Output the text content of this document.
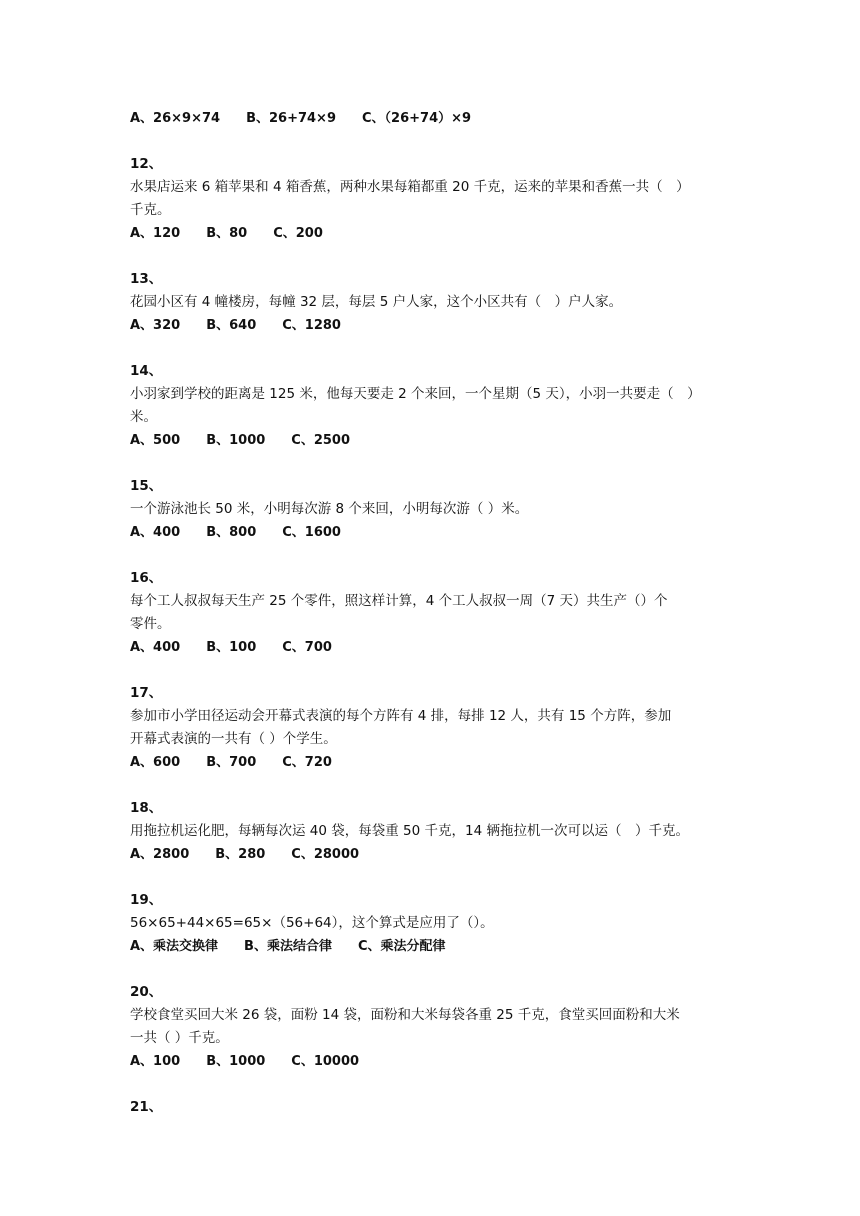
A、26×9×74　　B、26+74×9　　C、（26+74）×9
12、
水果店运来 6 箱苹果和 4 箱香蕉，两种水果每箱都重 20 千克，运来的苹果和香蕉一共（　）
千克。
A、120　　B、80　　C、200
13、
花园小区有 4 幢楼房，每幢 32 层，每层 5 户人家，这个小区共有（　）户人家。
A、320　　B、640　　C、1280
14、
小羽家到学校的距离是 125 米，他每天要走 2 个来回，一个星期（5 天），小羽一共要走（　）
米。
A、500　　B、1000　　C、2500
15、
一个游泳池长 50 米，小明每次游 8 个来回，小明每次游（ ）米。
A、400　　B、800　　C、1600
16、
每个工人叔叔每天生产 25 个零件，照这样计算，4 个工人叔叔一周（7 天）共生产（）个
零件。
A、400　　B、100　　C、700
17、
参加市小学田径运动会开幕式表演的每个方阵有 4 排，每排 12 人，共有 15 个方阵，参加
开幕式表演的一共有（ ）个学生。
A、600　　B、700　　C、720
18、
用拖拉机运化肥，每辆每次运 40 袋，每袋重 50 千克，14 辆拖拉机一次可以运（　）千克。
A、2800　　B、280　　C、28000
19、
56×65+44×65=65×（56+64），这个算式是应用了（）。
A、乘法交换律　　B、乘法结合律　　C、乘法分配律
20、
学校食堂买回大米 26 袋，面粉 14 袋，面粉和大米每袋各重 25 千克，食堂买回面粉和大米
一共（ ）千克。
A、100　　B、1000　　C、10000
21、
